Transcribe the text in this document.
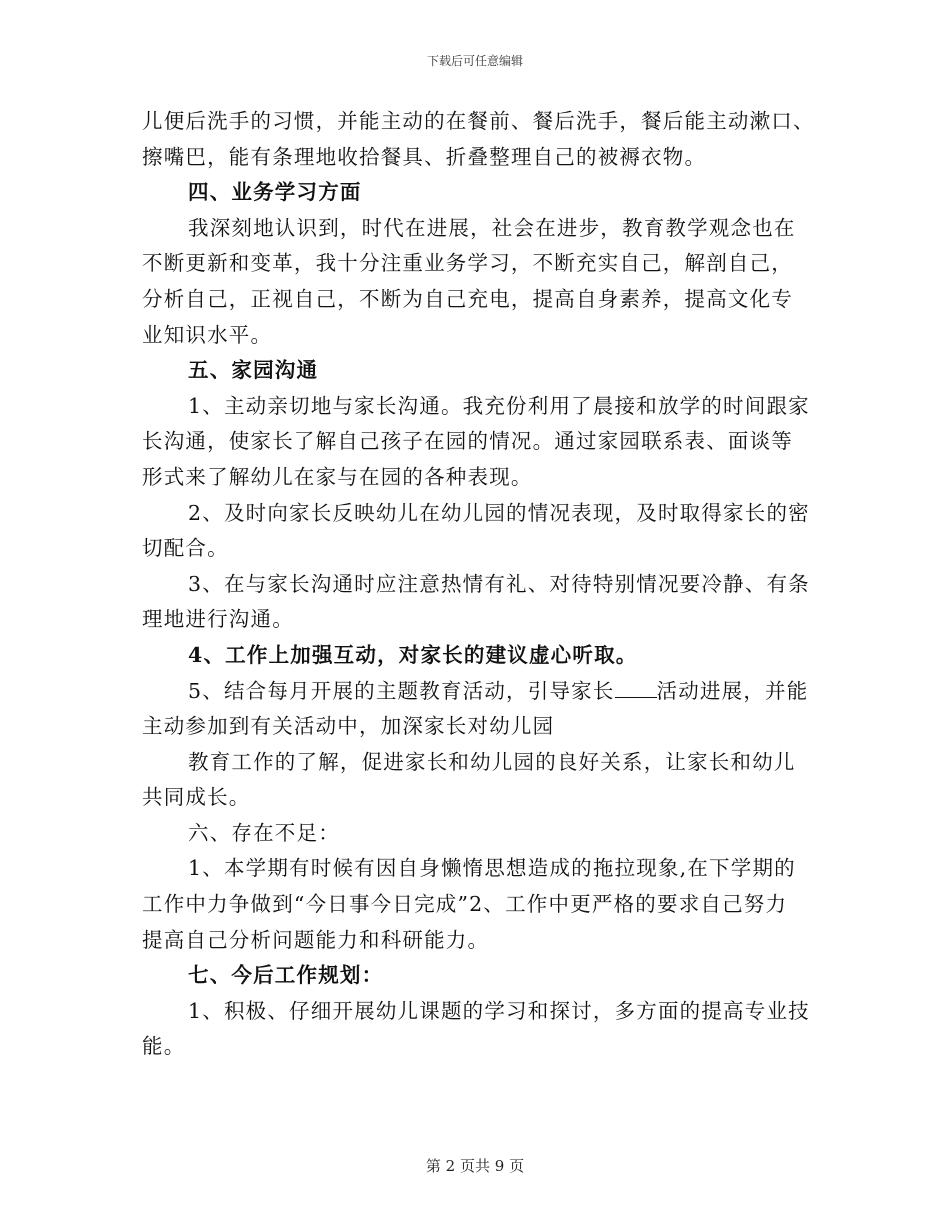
下载后可任意编辑
儿便后洗手的习惯，并能主动的在餐前、餐后洗手，餐后能主动漱口、
擦嘴巴，能有条理地收拾餐具、折叠整理自己的被褥衣物。
四、业务学习方面
我深刻地认识到，时代在进展，社会在进步，教育教学观念也在
不断更新和变革，我十分注重业务学习，不断充实自己，解剖自己，
分析自己，正视自己，不断为自己充电，提高自身素养，提高文化专
业知识水平。
五、家园沟通
1、主动亲切地与家长沟通。我充份利用了晨接和放学的时间跟家
长沟通，使家长了解自己孩子在园的情况。通过家园联系表、面谈等
形式来了解幼儿在家与在园的各种表现。
2、及时向家长反映幼儿在幼儿园的情况表现，及时取得家长的密
切配合。
3、在与家长沟通时应注意热情有礼、对待特别情况要冷静、有条
理地进行沟通。
4、工作上加强互动，对家长的建议虚心听取。
5、结合每月开展的主题教育活动，引导家长 活动进展，并能
主动参加到有关活动中，加深家长对幼儿园
教育工作的了解，促进家长和幼儿园的良好关系，让家长和幼儿
共同成长。
六、存在不足：
1、本学期有时候有因自身懒惰思想造成的拖拉现象,在下学期的
工作中力争做到“今日事今日完成”2、工作中更严格的要求自己努力
提高自己分析问题能力和科研能力。
七、今后工作规划：
1、积极、仔细开展幼儿课题的学习和探讨，多方面的提高专业技
能。
第 2 页共 9 页
